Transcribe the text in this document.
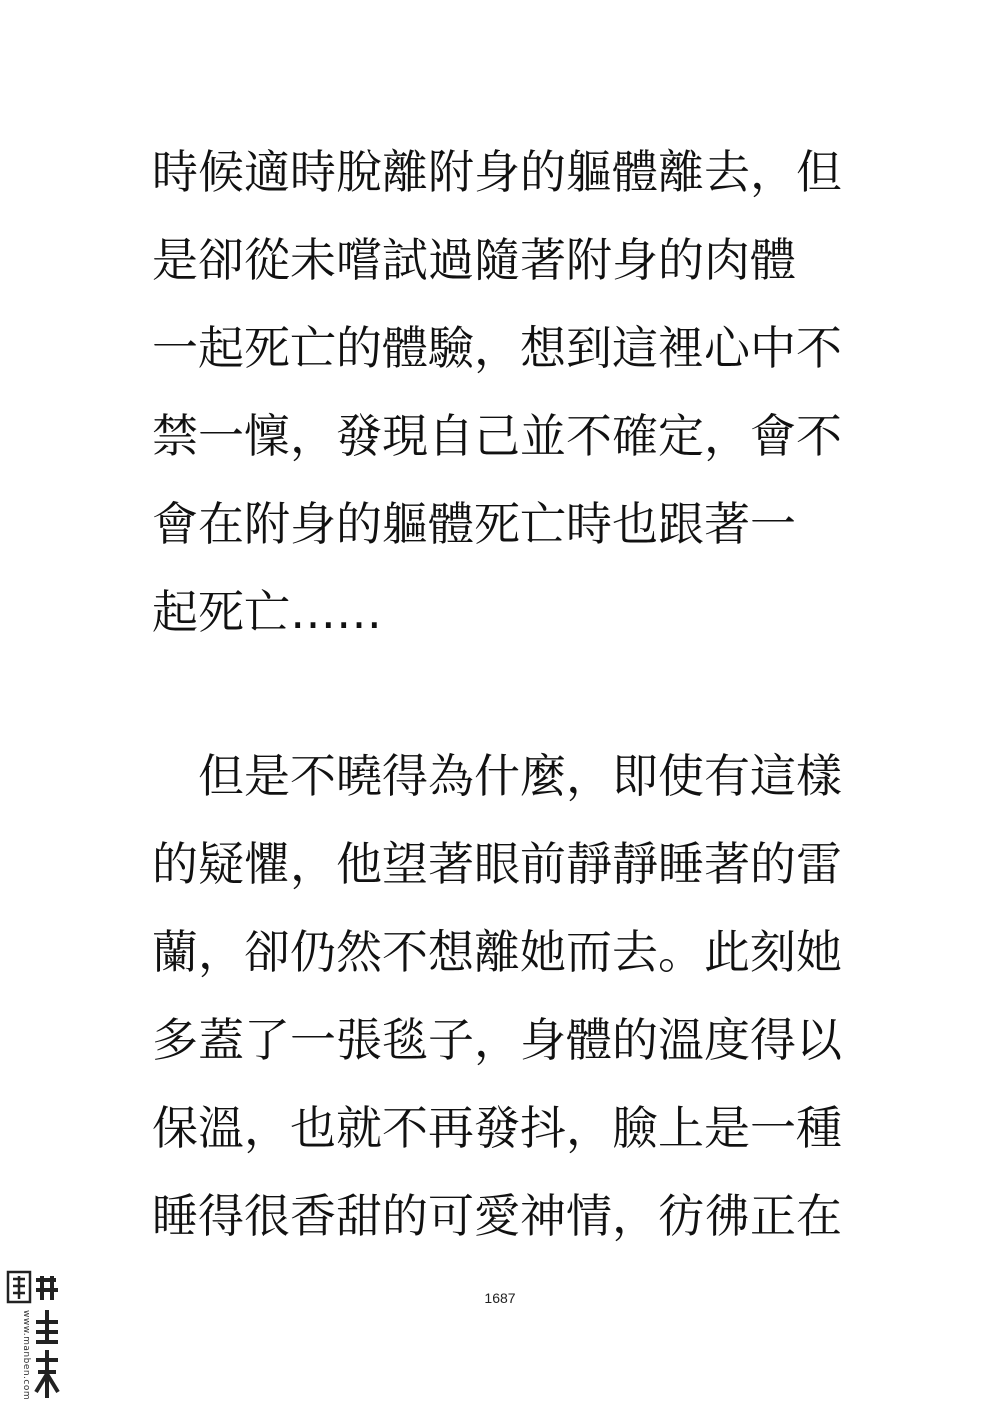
時候適時脫離附身的軀體離去，但
是卻從未嚐試過隨著附身的肉體
一起死亡的體驗，想到這裡心中不
禁一懍，發現自己並不確定，會不
會在附身的軀體死亡時也跟著一
起死亡……
但是不曉得為什麼，即使有這樣
的疑懼，他望著眼前靜靜睡著的雷
蘭，卻仍然不想離她而去。此刻她
多蓋了一張毯子，身體的溫度得以
保溫，也就不再發抖，臉上是一種
睡得很香甜的可愛神情，彷彿正在
1687
www.manben.com
